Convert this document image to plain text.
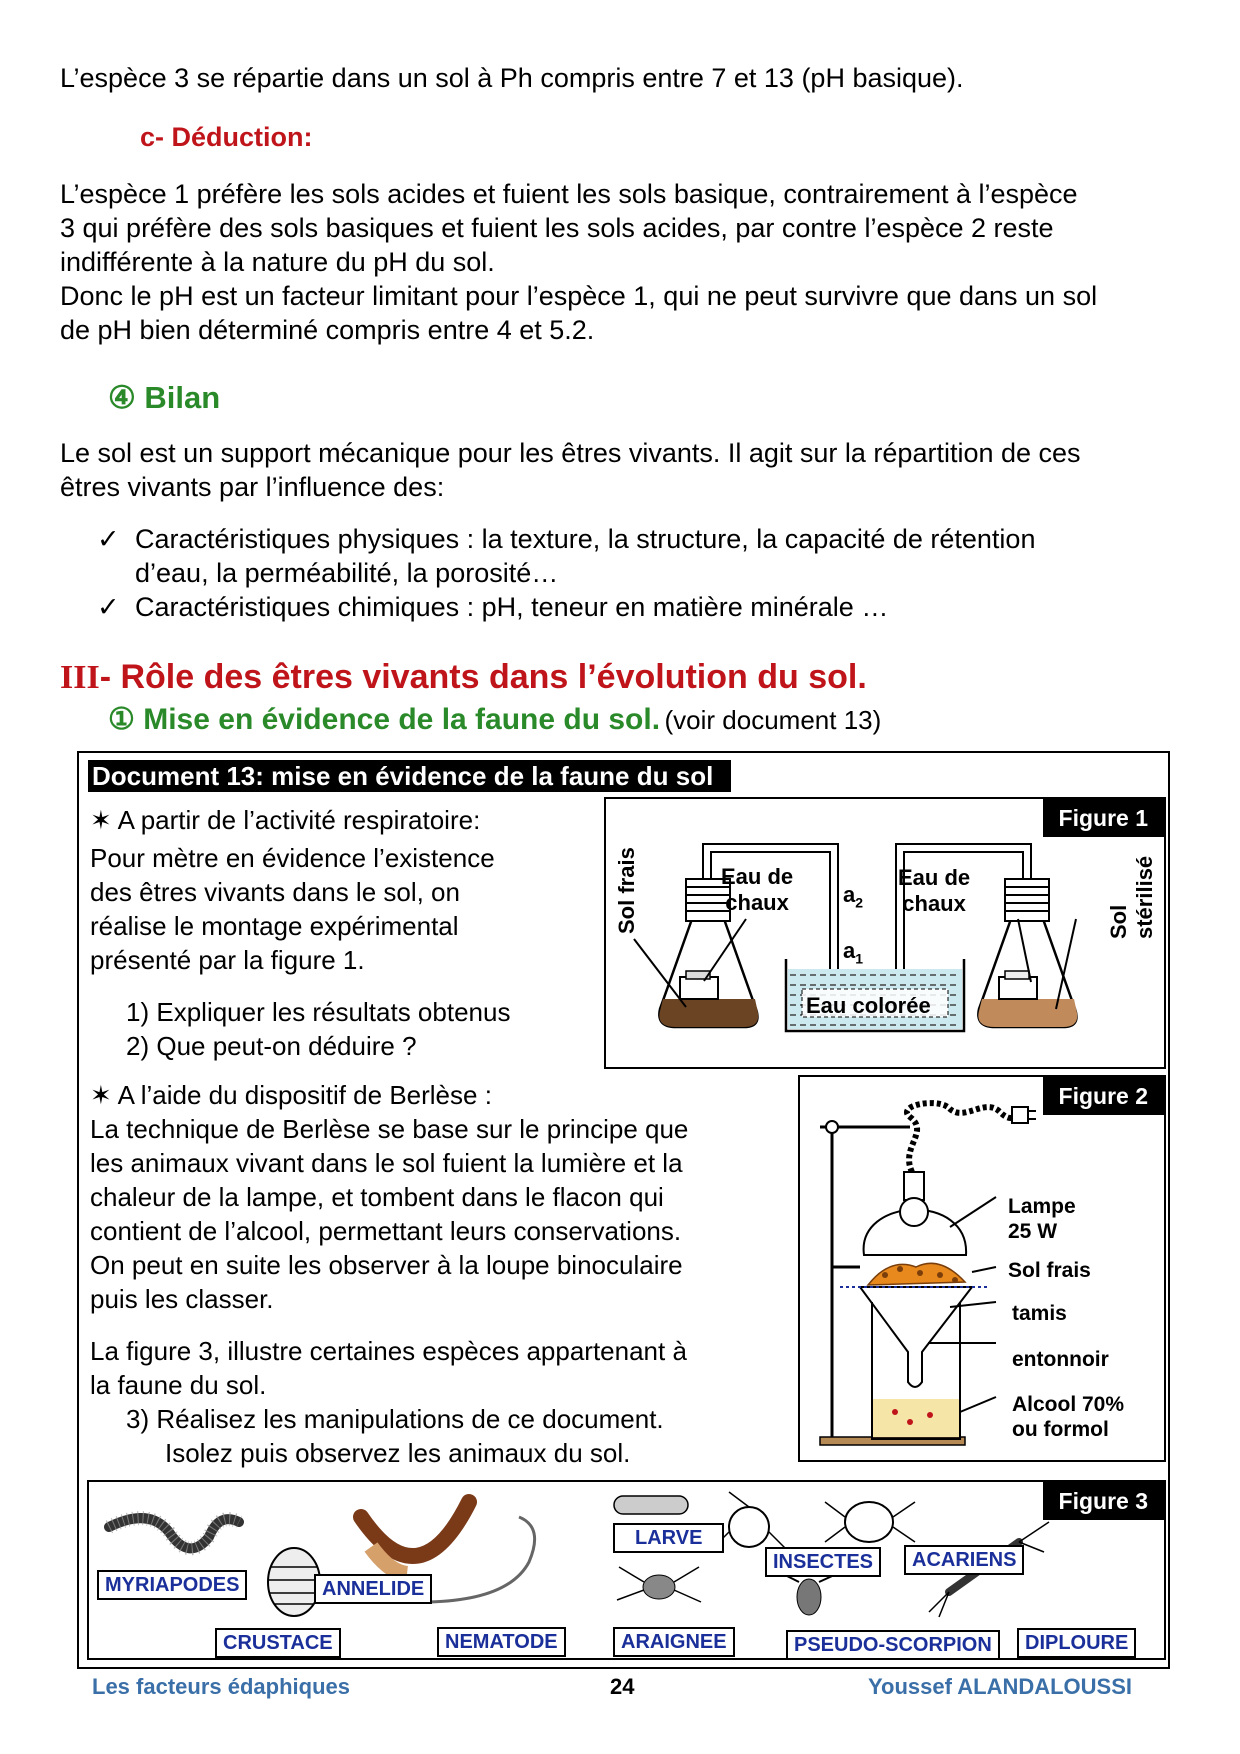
L’espèce 3 se répartie dans un sol à Ph compris entre 7 et 13 (pH basique).
c- Déduction:
L’espèce 1 préfère les sols acides et fuient les sols basique, contrairement à l’espèce
3 qui préfère des sols basiques et fuient les sols acides, par contre l’espèce 2 reste
indifférente à la nature du pH du sol.
Donc le pH est un facteur limitant pour l’espèce 1, qui ne peut survivre que dans un sol
de pH bien déterminé compris entre 4 et 5.2.
④ Bilan
Le sol est un support mécanique pour les êtres vivants. Il agit sur la répartition de ces
êtres vivants par l’influence des:
✓ Caractéristiques physiques : la texture, la structure, la capacité de rétention
d’eau, la perméabilité, la porosité…
✓ Caractéristiques chimiques : pH, teneur en matière minérale …
III- Rôle des êtres vivants dans l’évolution du sol.
① Mise en évidence de la faune du sol. (voir document 13)
Document 13: mise en évidence de la faune du sol
✶ A partir de l’activité respiratoire:
Pour mètre en évidence l’existence
des êtres vivants dans le sol, on
réalise le montage expérimental
présenté par la figure 1.
1) Expliquer les résultats obtenus
2) Que peut-on déduire ?
✶ A l’aide du dispositif de Berlèse :
La technique de Berlèse se base sur le principe que
les animaux vivant dans le sol fuient la lumière et la
chaleur de la lampe, et tombent dans le flacon qui
contient de l’alcool, permettant leurs conservations.
On peut en suite les observer à la loupe binoculaire
puis les classer.
La figure 3, illustre certaines espèces appartenant à
la faune du sol.
3) Réalisez les manipulations de ce document.
Isolez puis observez les animaux du sol.
Figure 1
Sol frais	Eau de
chaux
Eau de
chaux
$a_2$
$a_1$
Eau colorée
Sol stérilisé
Figure 2
Lampe
25 W
Sol frais
tamis
entonnoir
Alcool 70%
ou formol
Figure 3
MYRIAPODES
CRUSTACE
ANNELIDE
NEMATODE
LARVE
ARAIGNEE
INSECTES	ACARIENS
PSEUDO-SCORPION	DIPLOURE
Les facteurs édaphiques	24	Youssef ALANDALOUSSI
